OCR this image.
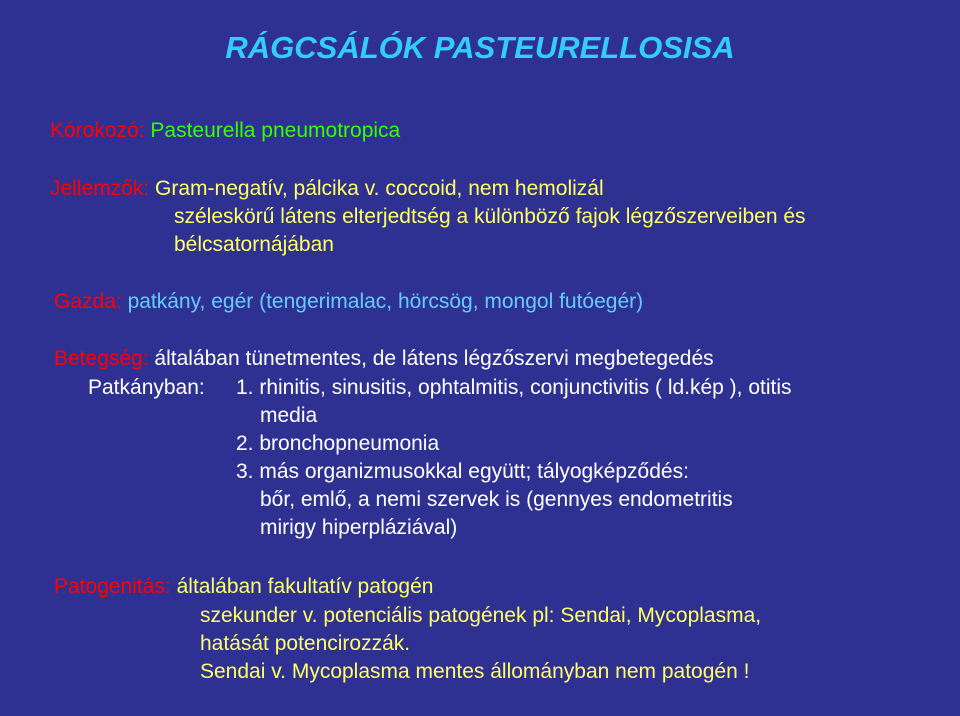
RÁGCSÁLÓK PASTEURELLOSISA
Kórokozó: Pasteurella pneumotropica
Jellemzők: Gram-negatív, pálcika v. coccoid, nem hemolizál
széleskörű látens elterjedtség a különböző fajok légzőszerveiben és
bélcsatornájában
Gazda: patkány, egér (tengerimalac, hörcsög, mongol futóegér)
Betegség: általában tünetmentes, de látens légzőszervi megbetegedés
Patkányban: 1. rhinitis, sinusitis, ophtalmitis, conjunctivitis ( ld.kép ), otitis
media
2. bronchopneumonia
3. más organizmusokkal együtt; tályogképződés:
bőr, emlő, a nemi szervek is (gennyes endometritis
mirigy hiperpláziával)
Patogenitás: általában fakultatív patogén
szekunder v. potenciális patogének pl: Sendai, Mycoplasma,
hatását potencirozzák.
Sendai v. Mycoplasma mentes állományban nem patogén !
